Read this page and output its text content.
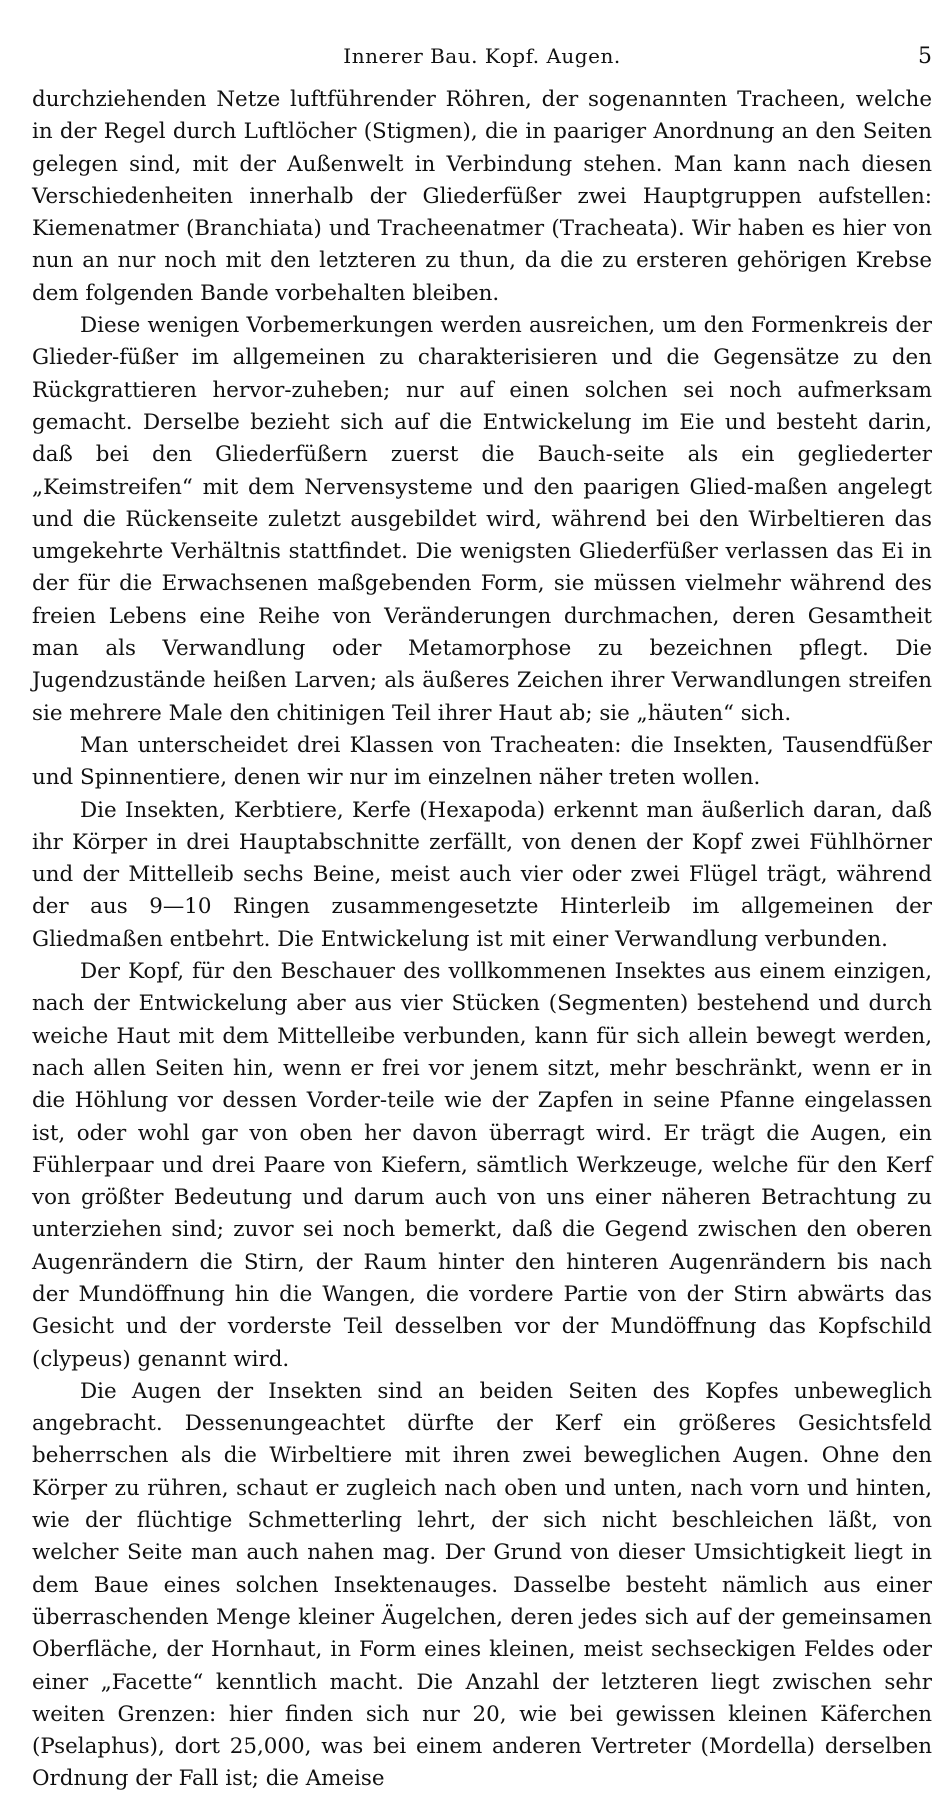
Innerer Bau. Kopf. Augen.	5

durchziehenden Netze luftführender Röhren, der sogenannten Tracheen, welche in der Regel durch Luftlöcher (Stigmen), die in paariger Anordnung an den Seiten gelegen sind, mit der Außenwelt in Verbindung stehen. Man kann nach diesen Verschiedenheiten innerhalb der Gliederfüßer zwei Hauptgruppen aufstellen: Kiemenatmer (Branchiata) und Tracheenatmer (Tracheata). Wir haben es hier von nun an nur noch mit den letzteren zu thun, da die zu ersteren gehörigen Krebse dem folgenden Bande vorbehalten bleiben.

Diese wenigen Vorbemerkungen werden ausreichen, um den Formenkreis der Glieder-füßer im allgemeinen zu charakterisieren und die Gegensätze zu den Rückgrattieren hervor-zuheben; nur auf einen solchen sei noch aufmerksam gemacht. Derselbe bezieht sich auf die Entwickelung im Eie und besteht darin, daß bei den Gliederfüßern zuerst die Bauch-seite als ein gegliederter „Keimstreifen“ mit dem Nervensysteme und den paarigen Glied-maßen angelegt und die Rückenseite zuletzt ausgebildet wird, während bei den Wirbeltieren das umgekehrte Verhältnis stattfindet. Die wenigsten Gliederfüßer verlassen das Ei in der für die Erwachsenen maßgebenden Form, sie müssen vielmehr während des freien Lebens eine Reihe von Veränderungen durchmachen, deren Gesamtheit man als Verwandlung oder Metamorphose zu bezeichnen pflegt. Die Jugendzustände heißen Larven; als äußeres Zeichen ihrer Verwandlungen streifen sie mehrere Male den chitinigen Teil ihrer Haut ab; sie „häuten“ sich.

Man unterscheidet drei Klassen von Tracheaten: die Insekten, Tausendfüßer und Spinnentiere, denen wir nur im einzelnen näher treten wollen.

Die Insekten, Kerbtiere, Kerfe (Hexapoda) erkennt man äußerlich daran, daß ihr Körper in drei Hauptabschnitte zerfällt, von denen der Kopf zwei Fühlhörner und der Mittelleib sechs Beine, meist auch vier oder zwei Flügel trägt, während der aus 9—10 Ringen zusammengesetzte Hinterleib im allgemeinen der Gliedmaßen entbehrt. Die Entwickelung ist mit einer Verwandlung verbunden.

Der Kopf, für den Beschauer des vollkommenen Insektes aus einem einzigen, nach der Entwickelung aber aus vier Stücken (Segmenten) bestehend und durch weiche Haut mit dem Mittelleibe verbunden, kann für sich allein bewegt werden, nach allen Seiten hin, wenn er frei vor jenem sitzt, mehr beschränkt, wenn er in die Höhlung vor dessen Vorder-teile wie der Zapfen in seine Pfanne eingelassen ist, oder wohl gar von oben her davon überragt wird. Er trägt die Augen, ein Fühlerpaar und drei Paare von Kiefern, sämtlich Werkzeuge, welche für den Kerf von größter Bedeutung und darum auch von uns einer näheren Betrachtung zu unterziehen sind; zuvor sei noch bemerkt, daß die Gegend zwischen den oberen Augenrändern die Stirn, der Raum hinter den hinteren Augenrändern bis nach der Mundöffnung hin die Wangen, die vordere Partie von der Stirn abwärts das Gesicht und der vorderste Teil desselben vor der Mundöffnung das Kopfschild (clypeus) genannt wird.

Die Augen der Insekten sind an beiden Seiten des Kopfes unbeweglich angebracht. Dessenungeachtet dürfte der Kerf ein größeres Gesichtsfeld beherrschen als die Wirbeltiere mit ihren zwei beweglichen Augen. Ohne den Körper zu rühren, schaut er zugleich nach oben und unten, nach vorn und hinten, wie der flüchtige Schmetterling lehrt, der sich nicht beschleichen läßt, von welcher Seite man auch nahen mag. Der Grund von dieser Umsichtigkeit liegt in dem Baue eines solchen Insektenauges. Dasselbe besteht nämlich aus einer überraschenden Menge kleiner Äugelchen, deren jedes sich auf der gemeinsamen Oberfläche, der Hornhaut, in Form eines kleinen, meist sechseckigen Feldes oder einer „Facette“ kenntlich macht. Die Anzahl der letzteren liegt zwischen sehr weiten Grenzen: hier finden sich nur 20, wie bei gewissen kleinen Käferchen (Pselaphus), dort 25,000, was bei einem anderen Vertreter (Mordella) derselben Ordnung der Fall ist; die Ameise
